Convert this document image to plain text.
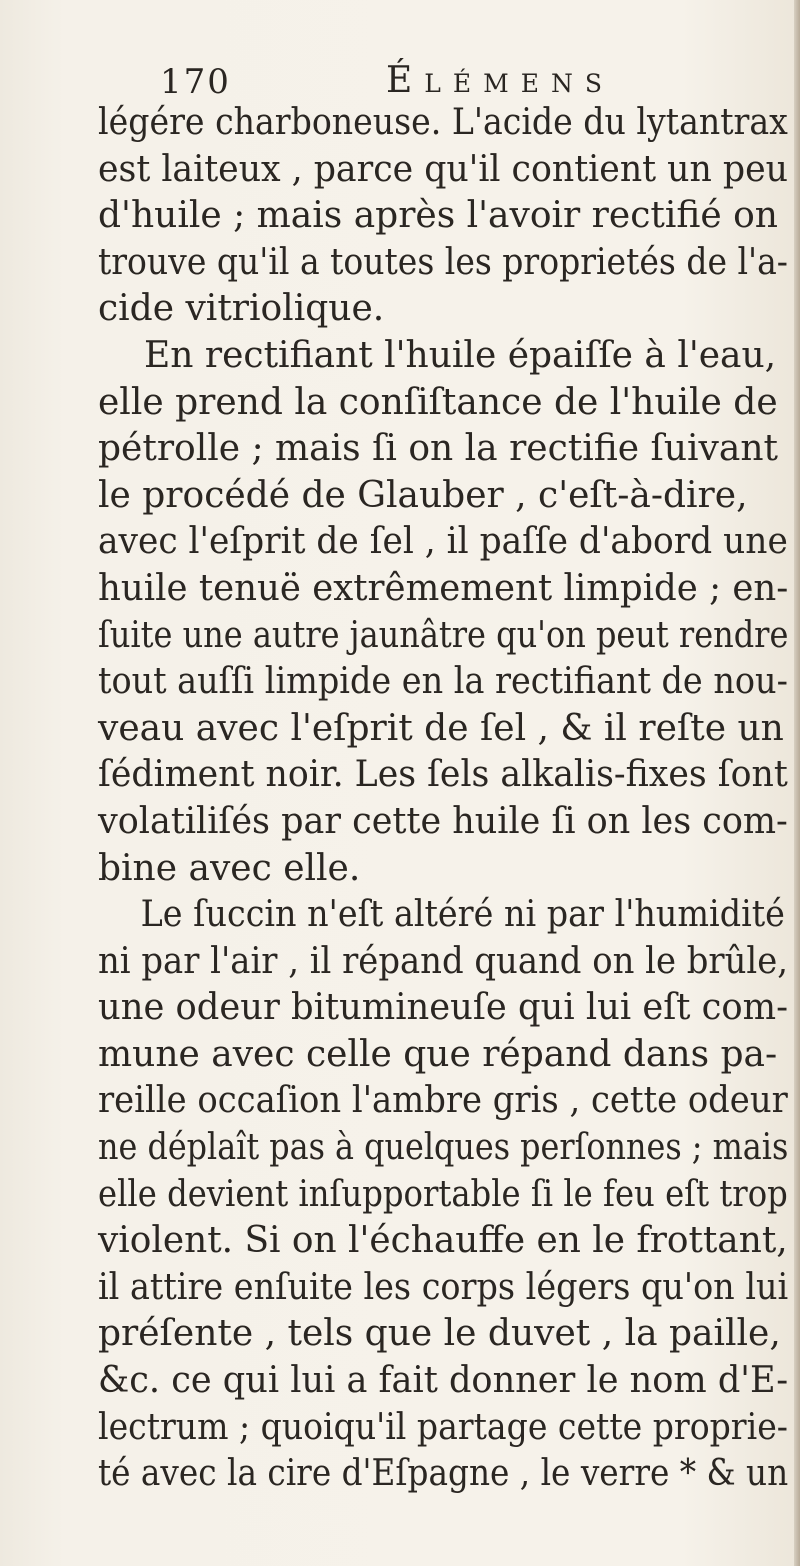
170	Élémens
légére charboneuse. L'acide du lytantrax
est laiteux , parce qu'il contient un peu
d'huile ; mais après l'avoir rectifié on
trouve qu'il a toutes les proprietés de l'a-
cide vitriolique.
En rectifiant l'huile épaiſſe à l'eau,
elle prend la conſiſtance de l'huile de
pétrolle ; mais ſi on la rectifie ſuivant
le procédé de Glauber , c'eſt-à-dire,
avec l'eſprit de ſel , il paſſe d'abord une
huile tenuë extrêmement limpide ; en-
ſuite une autre jaunâtre qu'on peut rendre
tout auſſi limpide en la rectifiant de nou-
veau avec l'eſprit de ſel , & il reſte un
ſédiment noir. Les ſels alkalis-fixes ſont
volatiliſés par cette huile ſi on les com-
bine avec elle.
Le ſuccin n'eſt altéré ni par l'humidité
ni par l'air , il répand quand on le brûle,
une odeur bitumineuſe qui lui eſt com-
mune avec celle que répand dans pa-
reille occaſion l'ambre gris , cette odeur
ne déplaît pas à quelques perſonnes ; mais
elle devient inſupportable ſi le feu eſt trop
violent. Si on l'échauffe en le frottant,
il attire enſuite les corps légers qu'on lui
préſente , tels que le duvet , la paille,
&c. ce qui lui a fait donner le nom d'E-
lectrum ; quoiqu'il partage cette proprie-
té avec la cire d'Eſpagne , le verre * & un
